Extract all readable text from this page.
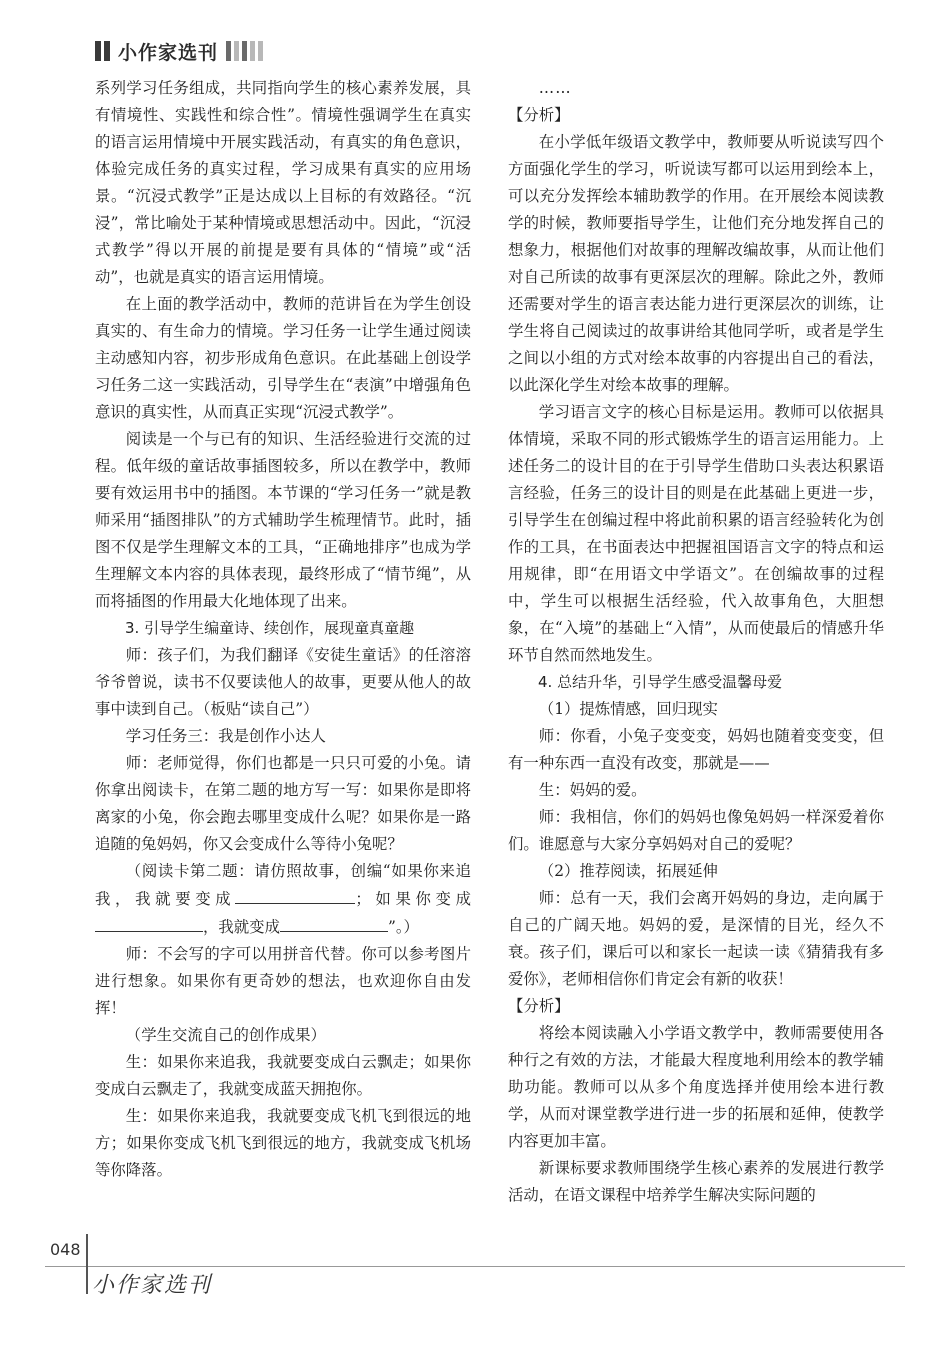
小作家选刊

系列学习任务组成，共同指向学生的核心素养发展，具有情境性、实践性和综合性”。情境性强调学生在真实的语言运用情境中开展实践活动，有真实的角色意识，体验完成任务的真实过程，学习成果有真实的应用场景。“沉浸式教学”正是达成以上目标的有效路径。“沉浸”，常比喻处于某种情境或思想活动中。因此，“沉浸式教学”得以开展的前提是要有具体的“情境”或“活动”，也就是真实的语言运用情境。

在上面的教学活动中，教师的范讲旨在为学生创设真实的、有生命力的情境。学习任务一让学生通过阅读主动感知内容，初步形成角色意识。在此基础上创设学习任务二这一实践活动，引导学生在“表演”中增强角色意识的真实性，从而真正实现“沉浸式教学”。

阅读是一个与已有的知识、生活经验进行交流的过程。低年级的童话故事插图较多，所以在教学中，教师要有效运用书中的插图。本节课的“学习任务一”就是教师采用“插图排队”的方式辅助学生梳理情节。此时，插图不仅是学生理解文本的工具，“正确地排序”也成为学生理解文本内容的具体表现，最终形成了“情节绳”，从而将插图的作用最大化地体现了出来。

3. 引导学生编童诗、续创作，展现童真童趣

师：孩子们，为我们翻译《安徒生童话》的任溶溶爷爷曾说，读书不仅要读他人的故事，更要从他人的故事中读到自己。（板贴“读自己”）

学习任务三：我是创作小达人

师：老师觉得，你们也都是一只只可爱的小兔。请你拿出阅读卡，在第二题的地方写一写：如果你是即将离家的小兔，你会跑去哪里变成什么呢？如果你是一路追随的兔妈妈，你又会变成什么等待小兔呢？

（阅读卡第二题：请仿照故事，创编“如果你来追我，我就要变成	；如果你变成，我就变成	”。）

师：不会写的字可以用拼音代替。你可以参考图片进行想象。如果你有更奇妙的想法，也欢迎你自由发挥！

（学生交流自己的创作成果）

生：如果你来追我，我就要变成白云飘走；如果你变成白云飘走了，我就变成蓝天拥抱你。

生：如果你来追我，我就要变成飞机飞到很远的地方；如果你变成飞机飞到很远的地方，我就变成飞机场等你降落。

……

【分析】

在小学低年级语文教学中，教师要从听说读写四个方面强化学生的学习，听说读写都可以运用到绘本上，可以充分发挥绘本辅助教学的作用。在开展绘本阅读教学的时候，教师要指导学生，让他们充分地发挥自己的想象力，根据他们对故事的理解改编故事，从而让他们对自己所读的故事有更深层次的理解。除此之外，教师还需要对学生的语言表达能力进行更深层次的训练，让学生将自己阅读过的故事讲给其他同学听，或者是学生之间以小组的方式对绘本故事的内容提出自己的看法，以此深化学生对绘本故事的理解。

学习语言文字的核心目标是运用。教师可以依据具体情境，采取不同的形式锻炼学生的语言运用能力。上述任务二的设计目的在于引导学生借助口头表达积累语言经验，任务三的设计目的则是在此基础上更进一步，引导学生在创编过程中将此前积累的语言经验转化为创作的工具，在书面表达中把握祖国语言文字的特点和运用规律，即“在用语文中学语文”。在创编故事的过程中，学生可以根据生活经验，代入故事角色，大胆想象，在“入境”的基础上“入情”，从而使最后的情感升华环节自然而然地发生。

4. 总结升华，引导学生感受温馨母爱

（1）提炼情感，回归现实

师：你看，小兔子变变变，妈妈也随着变变变，但有一种东西一直没有改变，那就是——

生：妈妈的爱。

师：我相信，你们的妈妈也像兔妈妈一样深爱着你们。谁愿意与大家分享妈妈对自己的爱呢？

（2）推荐阅读，拓展延伸

师：总有一天，我们会离开妈妈的身边，走向属于自己的广阔天地。妈妈的爱，是深情的目光，经久不衰。孩子们，课后可以和家长一起读一读《猜猜我有多爱你》，老师相信你们肯定会有新的收获！

【分析】

将绘本阅读融入小学语文教学中，教师需要使用各种行之有效的方法，才能最大程度地利用绘本的教学辅助功能。教师可以从多个角度选择并使用绘本进行教学，从而对课堂教学进行进一步的拓展和延伸，使教学内容更加丰富。

新课标要求教师围绕学生核心素养的发展进行教学活动，在语文课程中培养学生解决实际问题的

048
小作家选刊
